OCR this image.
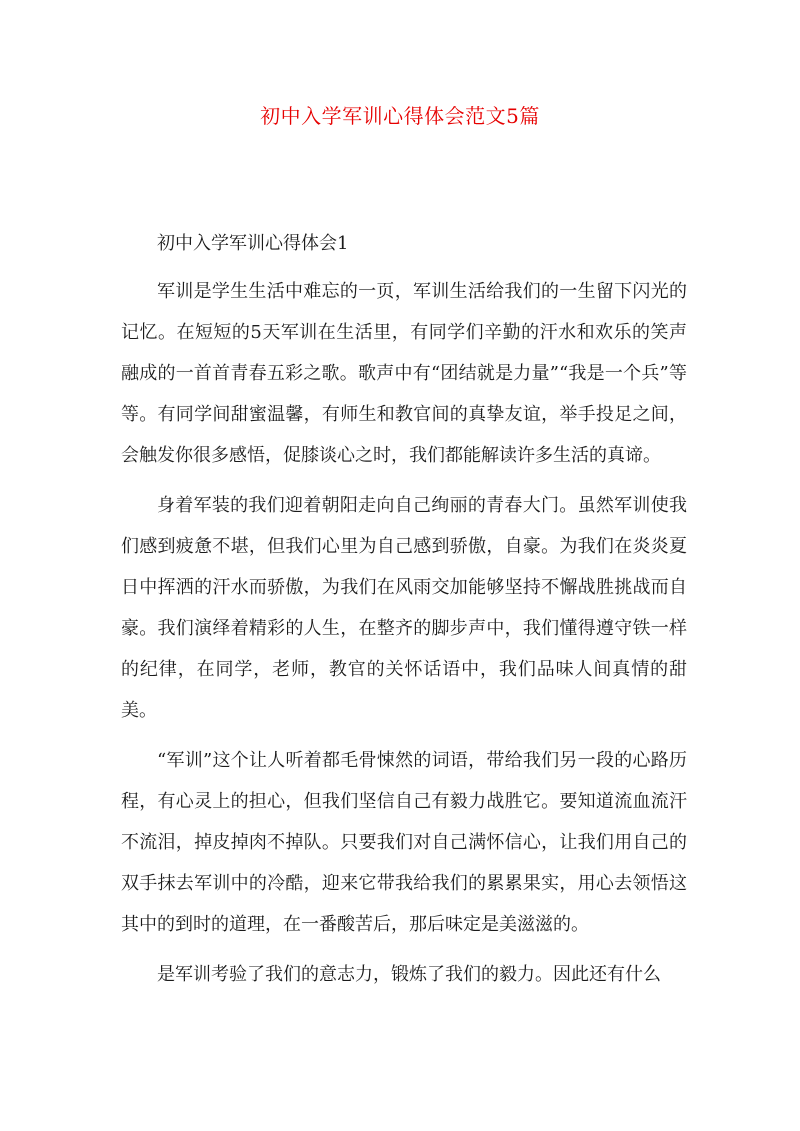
初中入学军训心得体会范文5篇

初中入学军训心得体会1

军训是学生生活中难忘的一页，军训生活给我们的一生留下闪光的记忆。在短短的5天军训在生活里，有同学们辛勤的汗水和欢乐的笑声融成的一首首青春五彩之歌。歌声中有“团结就是力量”“我是一个兵”等等。有同学间甜蜜温馨，有师生和教官间的真挚友谊，举手投足之间，会触发你很多感悟，促膝谈心之时，我们都能解读许多生活的真谛。

身着军装的我们迎着朝阳走向自己绚丽的青春大门。虽然军训使我们感到疲惫不堪，但我们心里为自己感到骄傲，自豪。为我们在炎炎夏日中挥洒的汗水而骄傲，为我们在风雨交加能够坚持不懈战胜挑战而自豪。我们演绎着精彩的人生，在整齐的脚步声中，我们懂得遵守铁一样的纪律，在同学，老师，教官的关怀话语中，我们品味人间真情的甜美。

“军训”这个让人听着都毛骨悚然的词语，带给我们另一段的心路历程，有心灵上的担心，但我们坚信自己有毅力战胜它。要知道流血流汗不流泪，掉皮掉肉不掉队。只要我们对自己满怀信心，让我们用自己的双手抹去军训中的冷酷，迎来它带我给我们的累累果实，用心去领悟这其中的到时的道理，在一番酸苦后，那后味定是美滋滋的。

是军训考验了我们的意志力，锻炼了我们的毅力。因此还有什么
